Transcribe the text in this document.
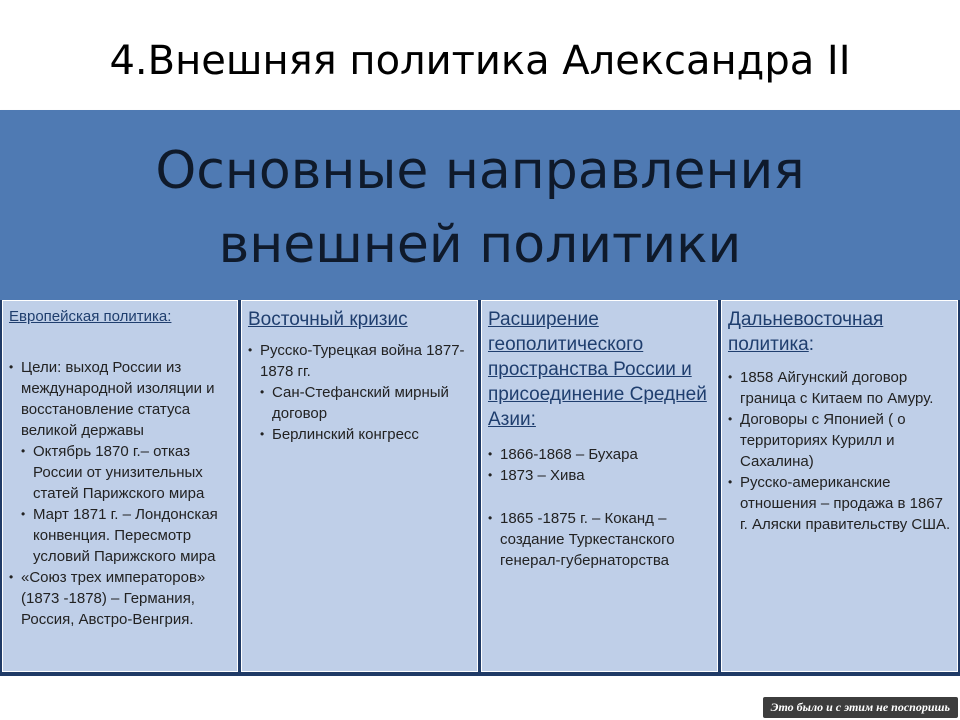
4.Внешняя политика Александра II
Основные направления
внешней политики
Европейская политика:
• Цели: выход России из международной изоляции и восстановление статуса великой державы
• Октябрь 1870 г.– отказ России от унизительных статей Парижского мира
• Март 1871 г. – Лондонская конвенция. Пересмотр условий Парижского мира
• «Союз трех императоров» (1873 -1878) – Германия, Россия, Австро-Венгрия.
Восточный кризис
• Русско-Турецкая война 1877-1878 гг.
• Сан-Стефанский мирный договор
• Берлинский конгресс
Расширение геополитического пространства России и присоединение Средней Азии:
• 1866-1868 – Бухара
• 1873 – Хива
• 1865 -1875 г. – Коканд – создание Туркестанского генерал-губернаторства
Дальневосточная политика:
• 1858 Айгунский договор граница с Китаем по Амуру.
• Договоры с Японией ( о территориях Курилл и Сахалина)
• Русско-американские отношения – продажа в 1867 г. Аляски правительству США.
Это было и с этим не поспоришь
